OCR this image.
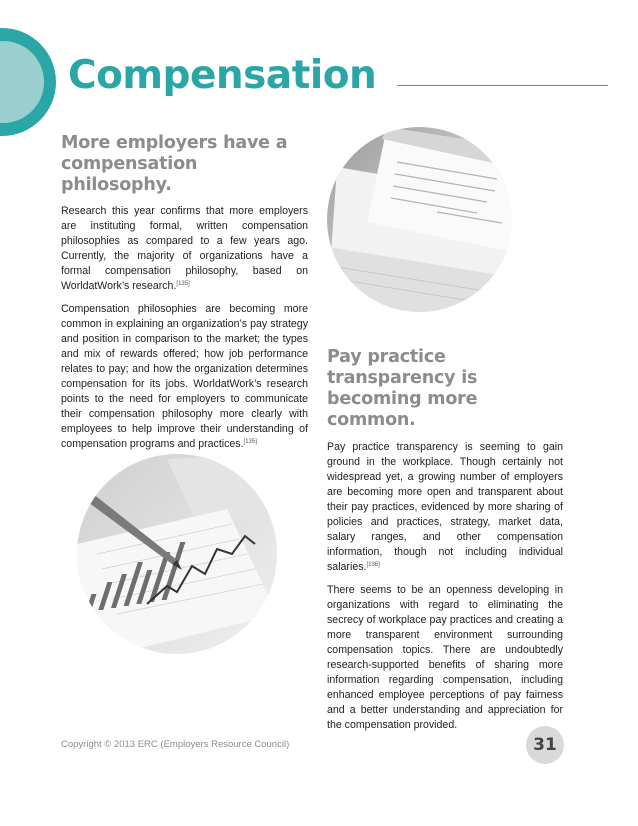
Compensation
More employers have a compensation philosophy.

Research this year confirms that more employers are instituting formal, written compensation philosophies as compared to a few years ago. Currently, the majority of organizations have a formal compensation philosophy, based on WorldatWork’s research.[135]

Compensation philosophies are becoming more common in explaining an organization’s pay strategy and position in comparison to the market; the types and mix of rewards offered; how job performance relates to pay; and how the organization determines compensation for its jobs. WorldatWork’s research points to the need for employers to communicate their compensation philosophy more clearly with employees to help improve their understanding of compensation programs and practices.[135]

Pay practice transparency is becoming more common.

Pay practice transparency is seeming to gain ground in the workplace. Though certainly not widespread yet, a growing number of employers are becoming more open and transparent about their pay practices, evidenced by more sharing of policies and practices, strategy, market data, salary ranges, and other compensation information, though not including individual salaries.[136]

There seems to be an openness developing in organizations with regard to eliminating the secrecy of workplace pay practices and creating a more transparent environment surrounding compensation topics. There are undoubtedly research-supported benefits of sharing more information regarding compensation, including enhanced employee perceptions of pay fairness and a better understanding and appreciation for the compensation provided.

Copyright © 2013 ERC (Employers Resource Council)	31
